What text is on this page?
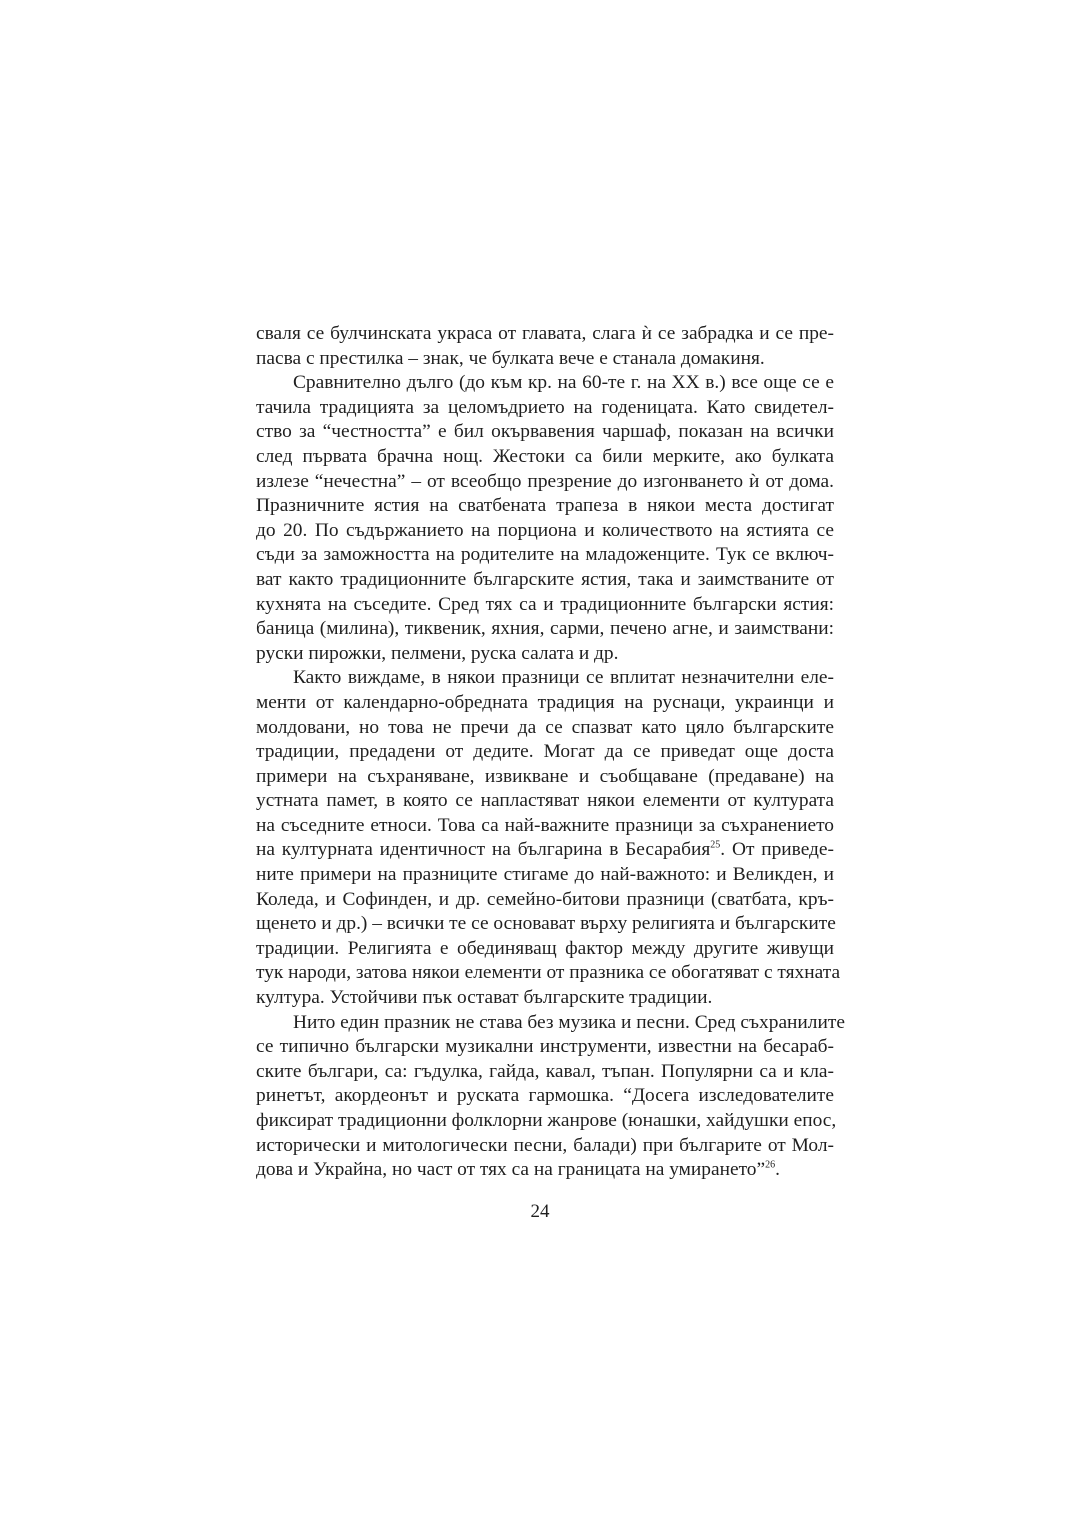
сваля се булчинската украса от главата, слага ѝ се забрадка и се пре-
пасва с престилка – знак, че булката вече е станала домакиня.
Сравнително дълго (до към кр. на 60-те г. на XX в.) все още се е
тачила традицията за целомъдрието на годеницата. Като свидетел-
ство за “честността” е бил окървавения чаршаф, показан на всички
след първата брачна нощ. Жестоки са били мерките, ако булката
излезе “нечестна” – от всеобщо презрение до изгонването ѝ от дома.
Празничните ястия на сватбената трапеза в някои места достигат
до 20. По съдържанието на порциона и количеството на ястията се
съди за заможността на родителите на младоженците. Тук се включ-
ват както традиционните българските ястия, така и заимстваните от
кухнята на съседите. Сред тях са и традиционните български ястия:
баница (милина), тиквеник, яхния, сарми, печено агне, и заимствани:
руски пирожки, пелмени, руска салата и др.
Както виждаме, в някои празници се вплитат незначителни еле-
менти от календарно-обредната традиция на руснаци, украинци и
молдовани, но това не пречи да се спазват като цяло българските
традиции, предадени от дедите. Могат да се приведат още доста
примери на съхраняване, извикване и съобщаване (предаване) на
устната памет, в която се напластяват някои елементи от културата
на съседните етноси. Това са най-важните празници за съхранението
на културната идентичност на българина в Бесарабия$^{25}$. От приведе-
ните примери на празниците стигаме до най-важното: и Великден, и
Коледа, и Софинден, и др. семейно-битови празници (сватбата, кръ-
щенето и др.) – всички те се основават върху религията и българските
традиции. Религията е обединяващ фактор между другите живущи
тук народи, затова някои елементи от празника се обогатяват с тяхната
култура. Устойчиви пък остават българските традиции.
Нито един празник не става без музика и песни. Сред съхранилите
се типично български музикални инструменти, известни на бесараб-
ските българи, са: гъдулка, гайда, кавал, тъпан. Популярни са и кла-
ринетът, акордеонът и руската гармошка. “Досега изследователите
фиксират традиционни фолклорни жанрове (юнашки, хайдушки епос,
исторически и митологически песни, балади) при българите от Мол-
дова и Украйна, но част от тях са на границата на умирането”$^{26}$.
24
